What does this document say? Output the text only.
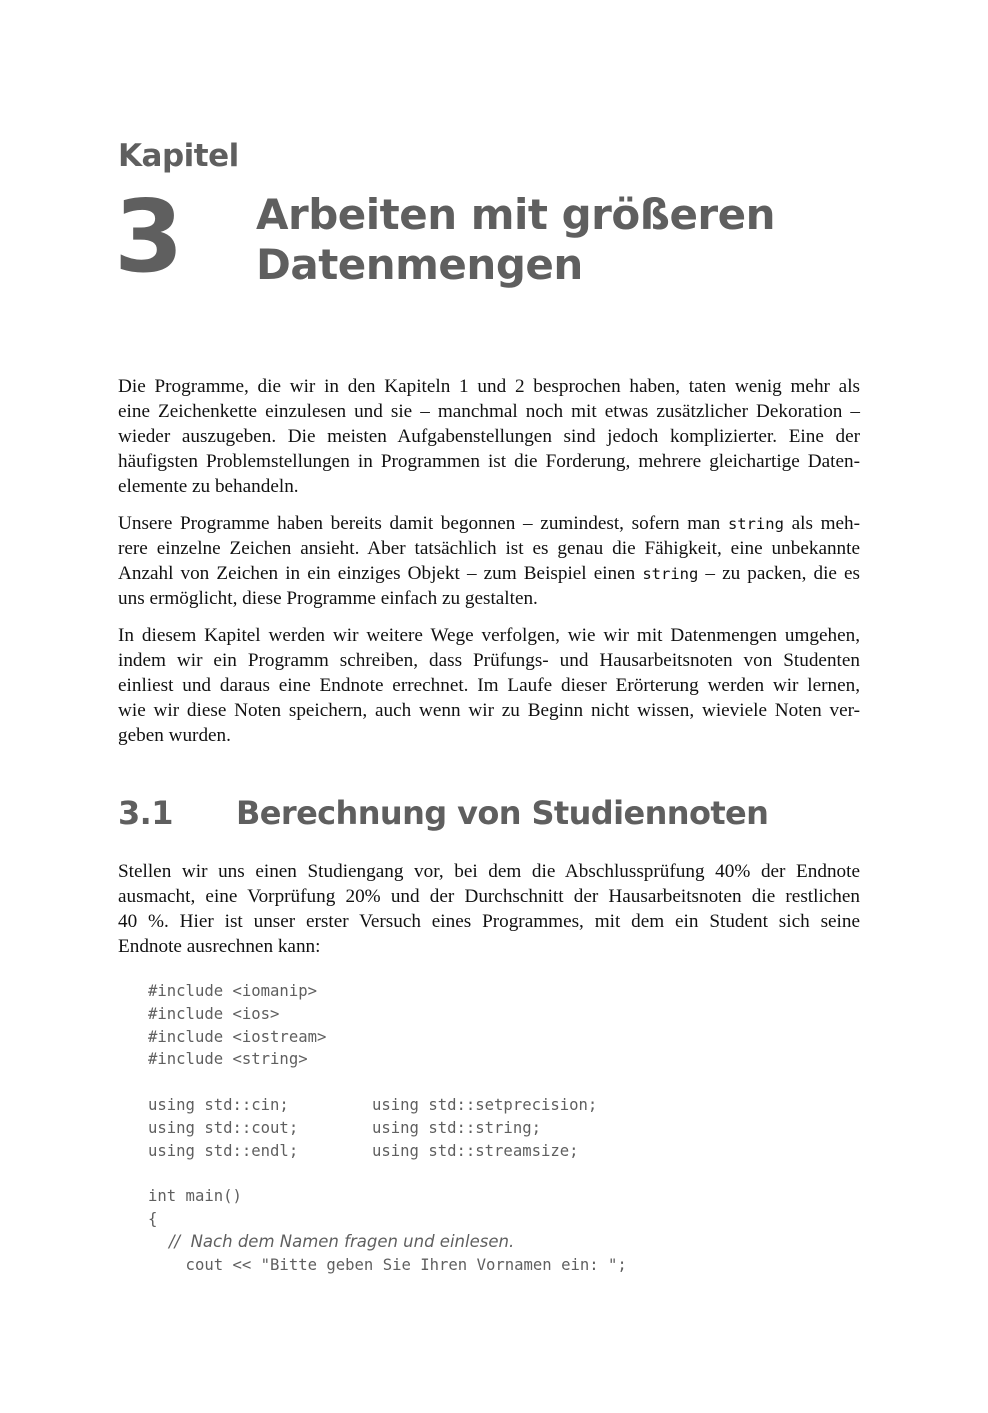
Kapitel
3 Arbeiten mit größeren
Datenmengen

Die Programme, die wir in den Kapiteln 1 und 2 besprochen haben, taten wenig mehr als
eine Zeichenkette einzulesen und sie – manchmal noch mit etwas zusätzlicher Dekoration –
wieder auszugeben. Die meisten Aufgabenstellungen sind jedoch komplizierter. Eine der
häufigsten Problemstellungen in Programmen ist die Forderung, mehrere gleichartige Daten-
elemente zu behandeln.

Unsere Programme haben bereits damit begonnen – zumindest, sofern man string als meh-
rere einzelne Zeichen ansieht. Aber tatsächlich ist es genau die Fähigkeit, eine unbekannte
Anzahl von Zeichen in ein einziges Objekt – zum Beispiel einen string – zu packen, die es
uns ermöglicht, diese Programme einfach zu gestalten.

In diesem Kapitel werden wir weitere Wege verfolgen, wie wir mit Datenmengen umgehen,
indem wir ein Programm schreiben, dass Prüfungs- und Hausarbeitsnoten von Studenten
einliest und daraus eine Endnote errechnet. Im Laufe dieser Erörterung werden wir lernen,
wie wir diese Noten speichern, auch wenn wir zu Beginn nicht wissen, wieviele Noten ver-
geben wurden.

3.1 Berechnung von Studiennoten

Stellen wir uns einen Studiengang vor, bei dem die Abschlussprüfung 40% der Endnote
ausmacht, eine Vorprüfung 20% und der Durchschnitt der Hausarbeitsnoten die restlichen
40 %. Hier ist unser erster Versuch eines Programmes, mit dem ein Student sich seine
Endnote ausrechnen kann:

#include <iomanip>
#include <ios>
#include <iostream>
#include <string>
using std::cin;	using std::setprecision;
using std::cout;	using std::string;
using std::endl;	using std::streamsize;
int main()
{
//  Nach dem Namen fragen und einlesen.
cout << "Bitte geben Sie Ihren Vornamen ein: ";
